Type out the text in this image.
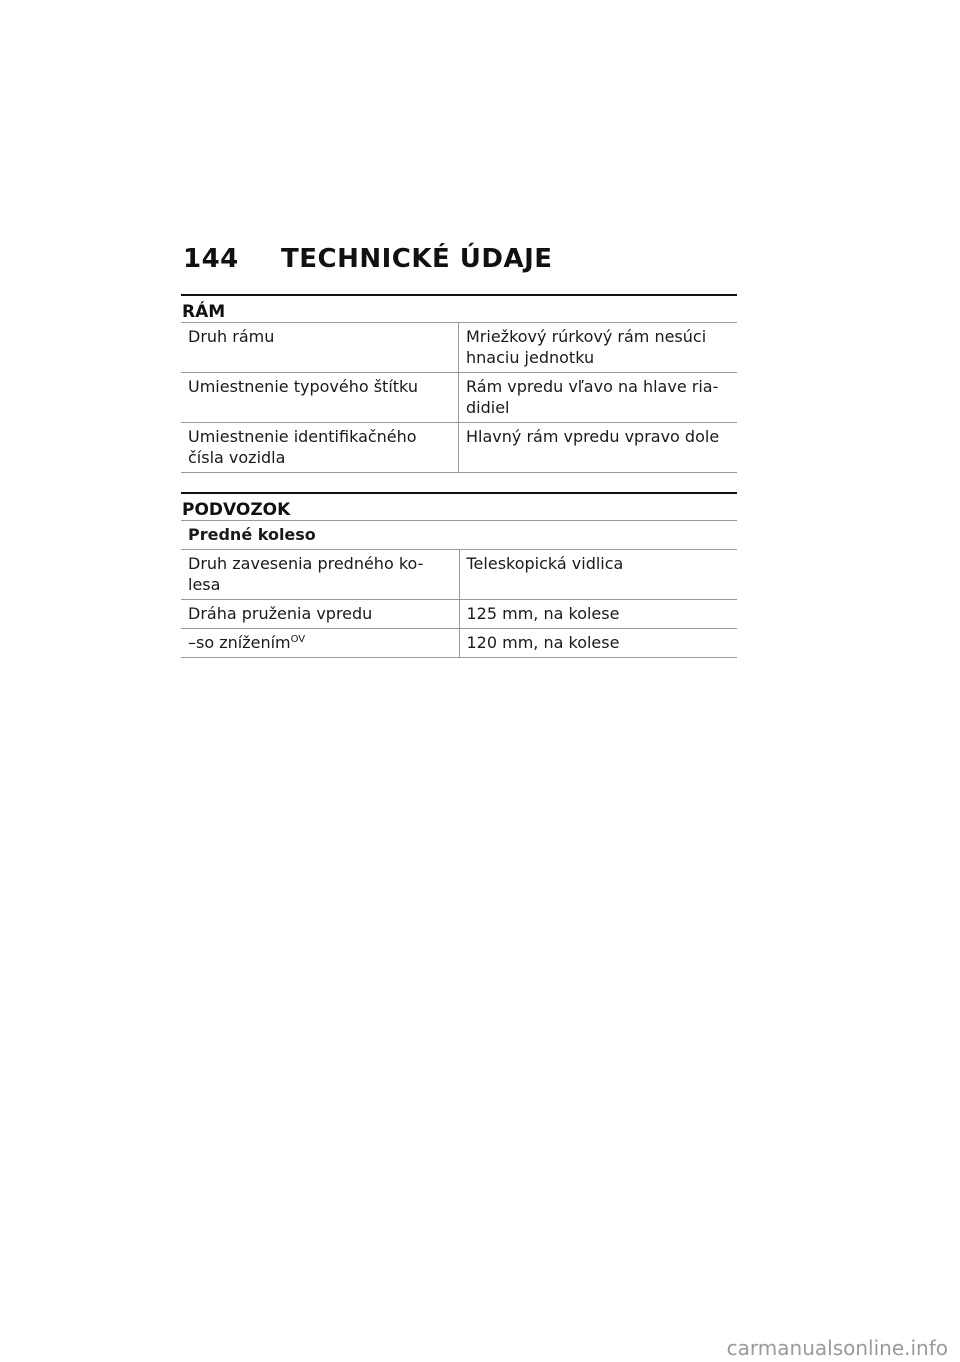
144 TECHNICKÉ ÚDAJE
RÁM
Druh rámu	Mriežkový rúrkový rám nesúci hnaciu jednotku
Umiestnenie typového štítku	Rám vpredu vľavo na hlave ria-didiel
Umiestnenie identifikačného čísla vozidla	Hlavný rám vpredu vpravo dole
PODVOZOK
Predné koleso	
Druh zavesenia predného ko-lesa	Teleskopická vidlica
Dráha pruženia vpredu	125 mm, na kolese
–so znížením$^{OV}$	120 mm, na kolese
carmanualsonline.info
